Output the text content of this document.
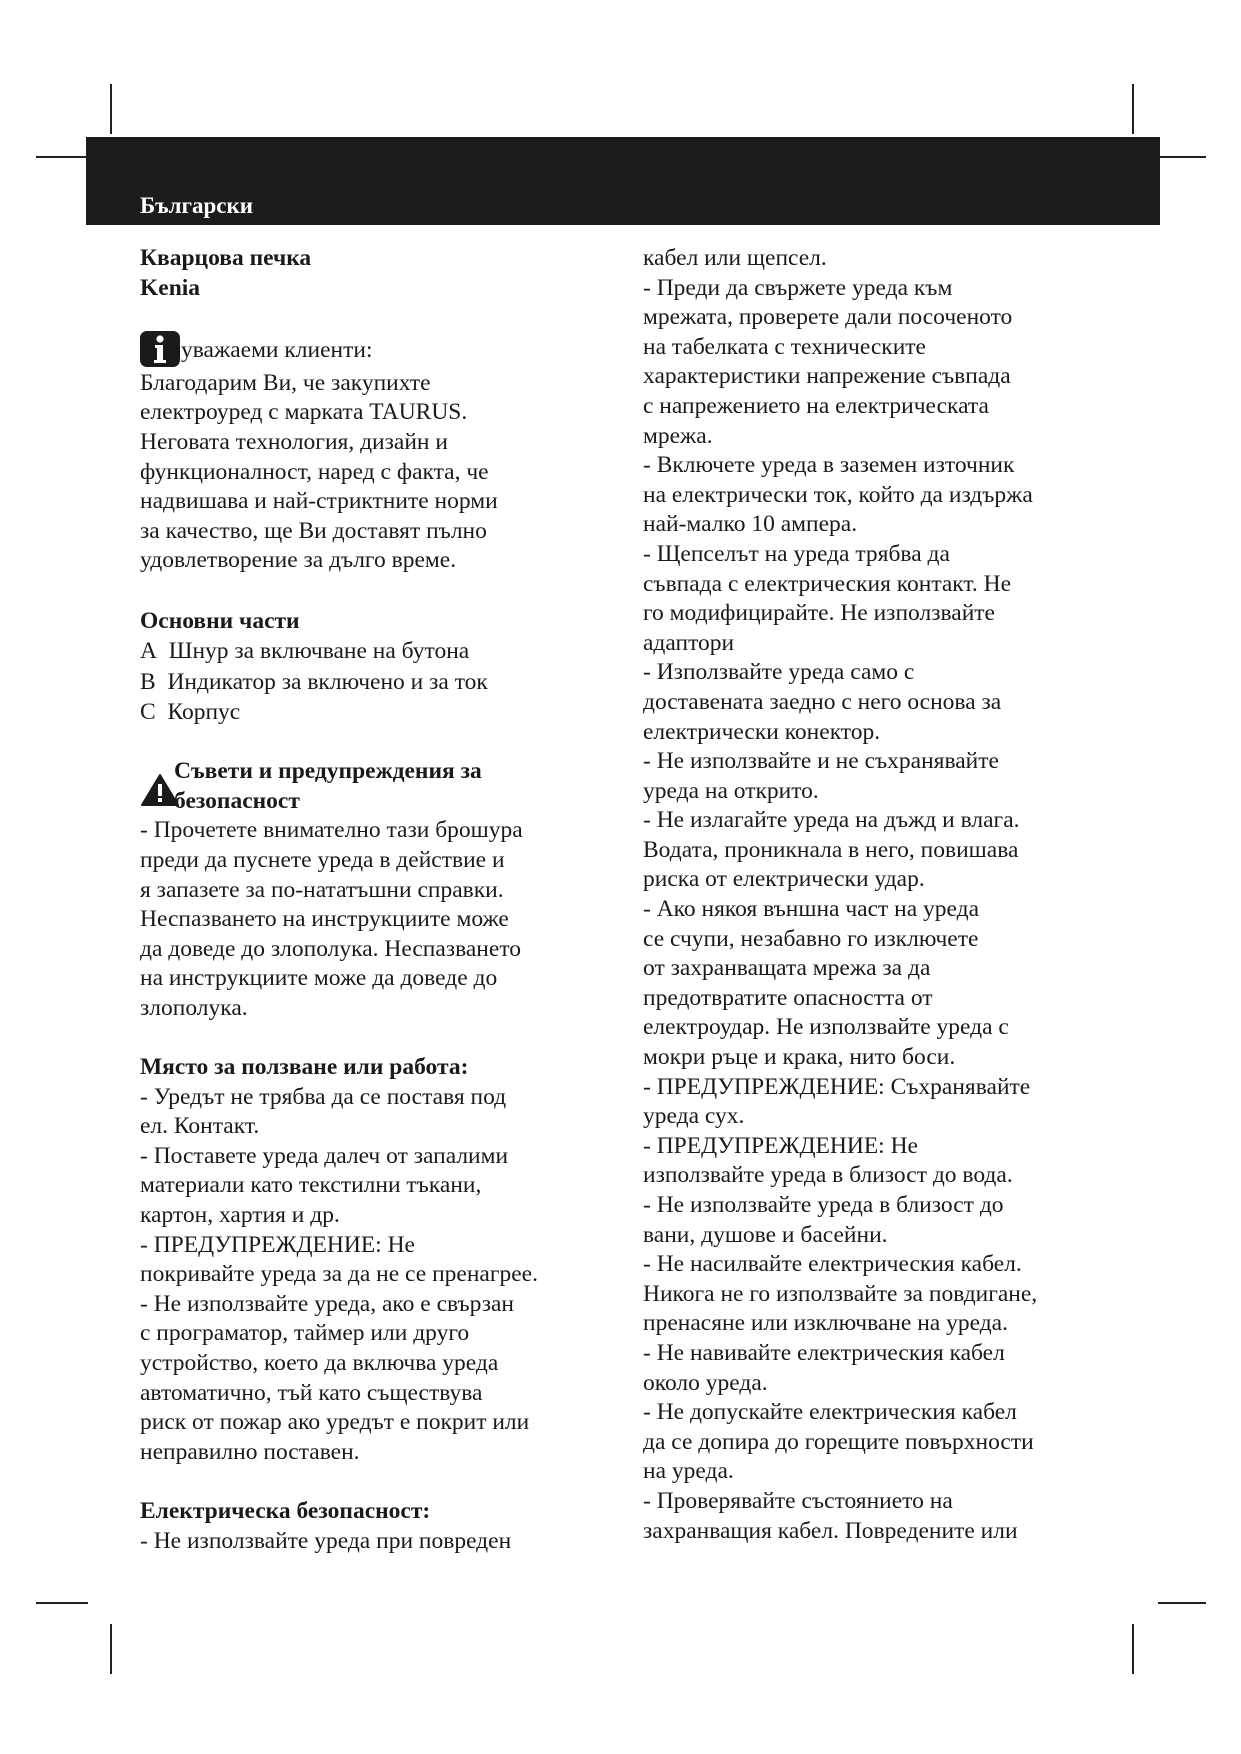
Български

Кварцова печка

Kenia

уважаеми клиенти:

Благодарим Ви, че закупихте

електроуред с марката TAURUS.

Неговата технология, дизайн и

функционалност, наред с факта, че

надвишава и най-стриктните норми

за качество, ще Ви доставят пълно

удовлетворение за дълго време.

Основни части

A Шнур за включване на бутона

B Индикатор за включено и за ток

C Корпус

Съвети и предупреждения за

безопасност

- Прочетете внимателно тази брошура

преди да пуснете уреда в действие и

я запазете за по-нататъшни справки.

Неспазването на инструкциите може

да доведе до злополука. Неспазването

на инструкциите може да доведе до

злополука.

Място за ползване или работа:

- Уредът не трябва да се поставя под

ел. Контакт.

- Поставете уреда далеч от запалими

материали като текстилни тъкани,

картон, хартия и др.

- ПРЕДУПРЕЖДЕНИЕ: Не

покривайте уреда за да не се пренагрее.

- Не използвайте уреда, ако е свързан

с програматор, таймер или друго

устройство, което да включва уреда

автоматично, тъй като съществува

риск от пожар ако уредът е покрит или

неправилно поставен.

Електрическа безопасност:

- Не използвайте уреда при повреден

кабел или щепсел.

- Преди да свържете уреда към

мрежата, проверете дали посоченото

на табелката с техническите

характеристики напрежение съвпада

с напрежението на електрическата

мрежа.

- Включете уреда в заземен източник

на електрически ток, който да издържа

най-малко 10 ампера.

- Щепселът на уреда трябва да

съвпада с електрическия контакт. Не

го модифицирайте. Не използвайте

адаптори

- Използвайте уреда само с

доставената заедно с него основа за

електрически конектор.

- Не използвайте и не съхранявайте

уреда на открито.

- Не излагайте уреда на дъжд и влага.

Водата, проникнала в него, повишава

риска от електрически удар.

- Ако някоя външна част на уреда

се счупи, незабавно го изключете

от захранващата мрежа за да

предотвратите опасността от

електроудар. Не използвайте уреда с

мокри ръце и крака, нито боси.

- ПРЕДУПРЕЖДЕНИЕ: Съхранявайте

уреда сух.

- ПРЕДУПРЕЖДЕНИЕ: Не

използвайте уреда в близост до вода.

- Не използвайте уреда в близост до

вани, душове и басейни.

- Не насилвайте електрическия кабел.

Никога не го използвайте за повдигане,

пренасяне или изключване на уреда.

- Не навивайте електрическия кабел

около уреда.

- Не допускайте електрическия кабел

да се допира до горещите повърхности

на уреда.

- Проверявайте състоянието на

захранващия кабел. Повредените или
